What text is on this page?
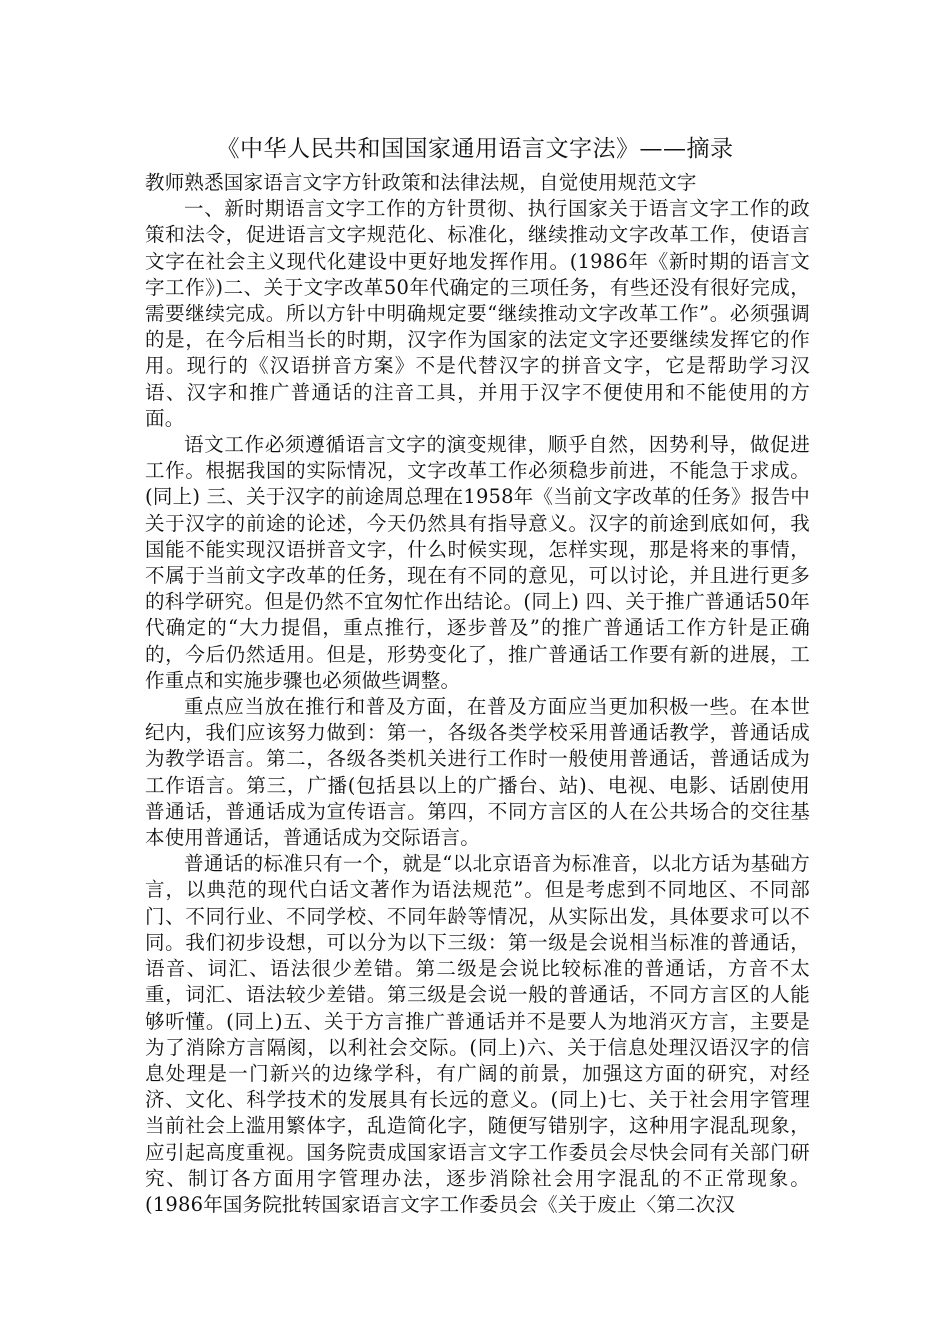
《中华人民共和国国家通用语言文字法》——摘录

教师熟悉国家语言文字方针政策和法律法规，自觉使用规范文字

一、新时期语言文字工作的方针贯彻、执行国家关于语言文字工作的政策和法令，促进语言文字规范化、标准化，继续推动文字改革工作，使语言文字在社会主义现代化建设中更好地发挥作用。(1986年《新时期的语言文字工作》)二、关于文字改革50年代确定的三项任务，有些还没有很好完成，需要继续完成。所以方针中明确规定要“继续推动文字改革工作”。必须强调的是，在今后相当长的时期，汉字作为国家的法定文字还要继续发挥它的作用。现行的《汉语拼音方案》不是代替汉字的拼音文字，它是帮助学习汉语、汉字和推广普通话的注音工具，并用于汉字不便使用和不能使用的方面。

语文工作必须遵循语言文字的演变规律，顺乎自然，因势利导，做促进工作。根据我国的实际情况，文字改革工作必须稳步前进，不能急于求成。(同上) 三、关于汉字的前途周总理在1958年《当前文字改革的任务》报告中关于汉字的前途的论述，今天仍然具有指导意义。汉字的前途到底如何，我国能不能实现汉语拼音文字，什么时候实现，怎样实现，那是将来的事情，不属于当前文字改革的任务，现在有不同的意见，可以讨论，并且进行更多的科学研究。但是仍然不宜匆忙作出结论。(同上) 四、关于推广普通话50年代确定的“大力提倡，重点推行，逐步普及”的推广普通话工作方针是正确的，今后仍然适用。但是，形势变化了，推广普通话工作要有新的进展，工作重点和实施步骤也必须做些调整。

重点应当放在推行和普及方面，在普及方面应当更加积极一些。在本世纪内，我们应该努力做到：第一，各级各类学校采用普通话教学，普通话成为教学语言。第二，各级各类机关进行工作时一般使用普通话，普通话成为工作语言。第三，广播(包括县以上的广播台、站)、电视、电影、话剧使用普通话，普通话成为宣传语言。第四，不同方言区的人在公共场合的交往基本使用普通话，普通话成为交际语言。

普通话的标准只有一个，就是“以北京语音为标准音，以北方话为基础方言，以典范的现代白话文著作为语法规范”。但是考虑到不同地区、不同部门、不同行业、不同学校、不同年龄等情况，从实际出发，具体要求可以不同。我们初步设想，可以分为以下三级：第一级是会说相当标准的普通话，语音、词汇、语法很少差错。第二级是会说比较标准的普通话，方音不太重，词汇、语法较少差错。第三级是会说一般的普通话，不同方言区的人能够听懂。(同上)五、关于方言推广普通话并不是要人为地消灭方言，主要是为了消除方言隔阂，以利社会交际。(同上)六、关于信息处理汉语汉字的信息处理是一门新兴的边缘学科，有广阔的前景，加强这方面的研究，对经济、文化、科学技术的发展具有长远的意义。(同上)七、关于社会用字管理当前社会上滥用繁体字，乱造简化字，随便写错别字，这种用字混乱现象，应引起高度重视。国务院责成国家语言文字工作委员会尽快会同有关部门研究、制订各方面用字管理办法，逐步消除社会用字混乱的不正常现象。(1986年国务院批转国家语言文字工作委员会《关于废止〈第二次汉
